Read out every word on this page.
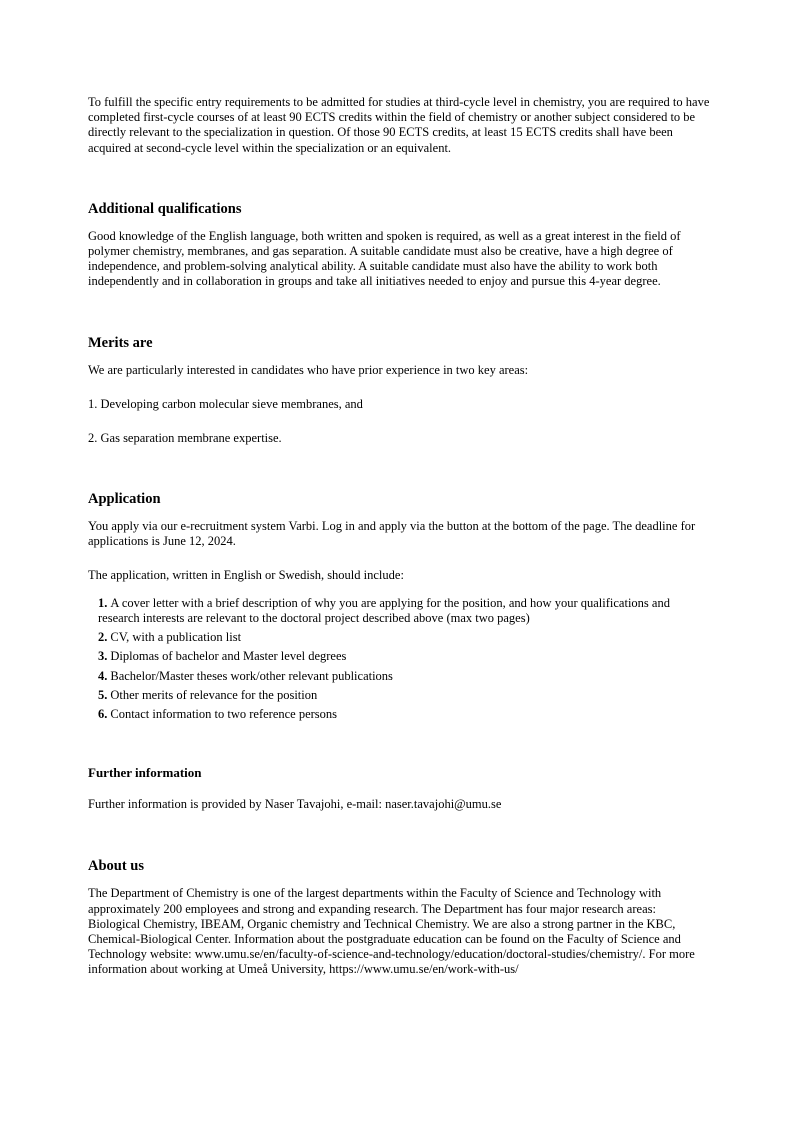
To fulfill the specific entry requirements to be admitted for studies at third-cycle level in chemistry, you are required to have completed first-cycle courses of at least 90 ECTS credits within the field of chemistry or another subject considered to be directly relevant to the specialization in question. Of those 90 ECTS credits, at least 15 ECTS credits shall have been acquired at second-cycle level within the specialization or an equivalent.

Additional qualifications

Good knowledge of the English language, both written and spoken is required, as well as a great interest in the field of polymer chemistry, membranes, and gas separation. A suitable candidate must also be creative, have a high degree of independence, and problem-solving analytical ability. A suitable candidate must also have the ability to work both independently and in collaboration in groups and take all initiatives needed to enjoy and pursue this 4-year degree.

Merits are

We are particularly interested in candidates who have prior experience in two key areas:

1. Developing carbon molecular sieve membranes, and

2. Gas separation membrane expertise.

Application

You apply via our e-recruitment system Varbi. Log in and apply via the button at the bottom of the page. The deadline for applications is June 12, 2024.

The application, written in English or Swedish, should include:

1. A cover letter with a brief description of why you are applying for the position, and how your qualifications and research interests are relevant to the doctoral project described above (max two pages)
2. CV, with a publication list
3. Diplomas of bachelor and Master level degrees
4. Bachelor/Master theses work/other relevant publications
5. Other merits of relevance for the position
6. Contact information to two reference persons
Further information

Further information is provided by Naser Tavajohi, e-mail: naser.tavajohi@umu.se

About us

The Department of Chemistry is one of the largest departments within the Faculty of Science and Technology with approximately 200 employees and strong and expanding research. The Department has four major research areas: Biological Chemistry, IBEAM, Organic chemistry and Technical Chemistry. We are also a strong partner in the KBC, Chemical-Biological Center. Information about the postgraduate education can be found on the Faculty of Science and Technology website: www.umu.se/en/faculty-of-science-and-technology/education/doctoral-studies/chemistry/. For more information about working at Umeå University, https://www.umu.se/en/work-with-us/
